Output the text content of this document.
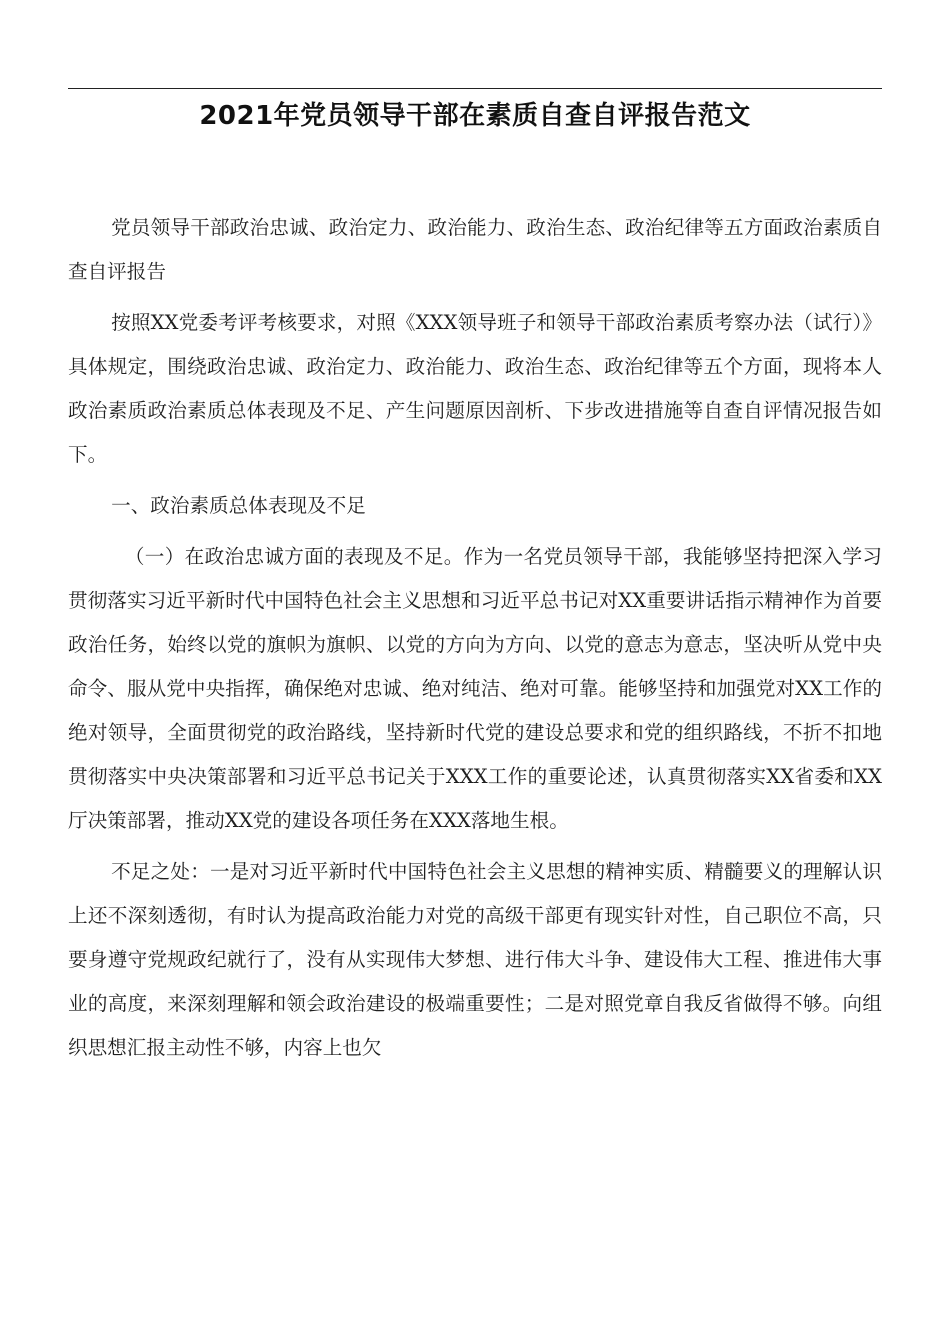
2021年党员领导干部在素质自查自评报告范文

党员领导干部政治忠诚、政治定力、政治能力、政治生态、政治纪律等五方面政治素质自查自评报告

按照XX党委考评考核要求，对照《XXX领导班子和领导干部政治素质考察办法（试行）》具体规定，围绕政治忠诚、政治定力、政治能力、政治生态、政治纪律等五个方面，现将本人政治素质政治素质总体表现及不足、产生问题原因剖析、下步改进措施等自查自评情况报告如下。

一、政治素质总体表现及不足

（一）在政治忠诚方面的表现及不足。作为一名党员领导干部，我能够坚持把深入学习贯彻落实习近平新时代中国特色社会主义思想和习近平总书记对XX重要讲话指示精神作为首要政治任务，始终以党的旗帜为旗帜、以党的方向为方向、以党的意志为意志，坚决听从党中央命令、服从党中央指挥，确保绝对忠诚、绝对纯洁、绝对可靠。能够坚持和加强党对XX工作的绝对领导，全面贯彻党的政治路线，坚持新时代党的建设总要求和党的组织路线，不折不扣地贯彻落实中央决策部署和习近平总书记关于XXX工作的重要论述，认真贯彻落实XX省委和XX厅决策部署，推动XX党的建设各项任务在XXX落地生根。

不足之处：一是对习近平新时代中国特色社会主义思想的精神实质、精髓要义的理解认识上还不深刻透彻，有时认为提高政治能力对党的高级干部更有现实针对性，自己职位不高，只要身遵守党规政纪就行了，没有从实现伟大梦想、进行伟大斗争、建设伟大工程、推进伟大事业的高度，来深刻理解和领会政治建设的极端重要性；二是对照党章自我反省做得不够。向组织思想汇报主动性不够，内容上也欠
